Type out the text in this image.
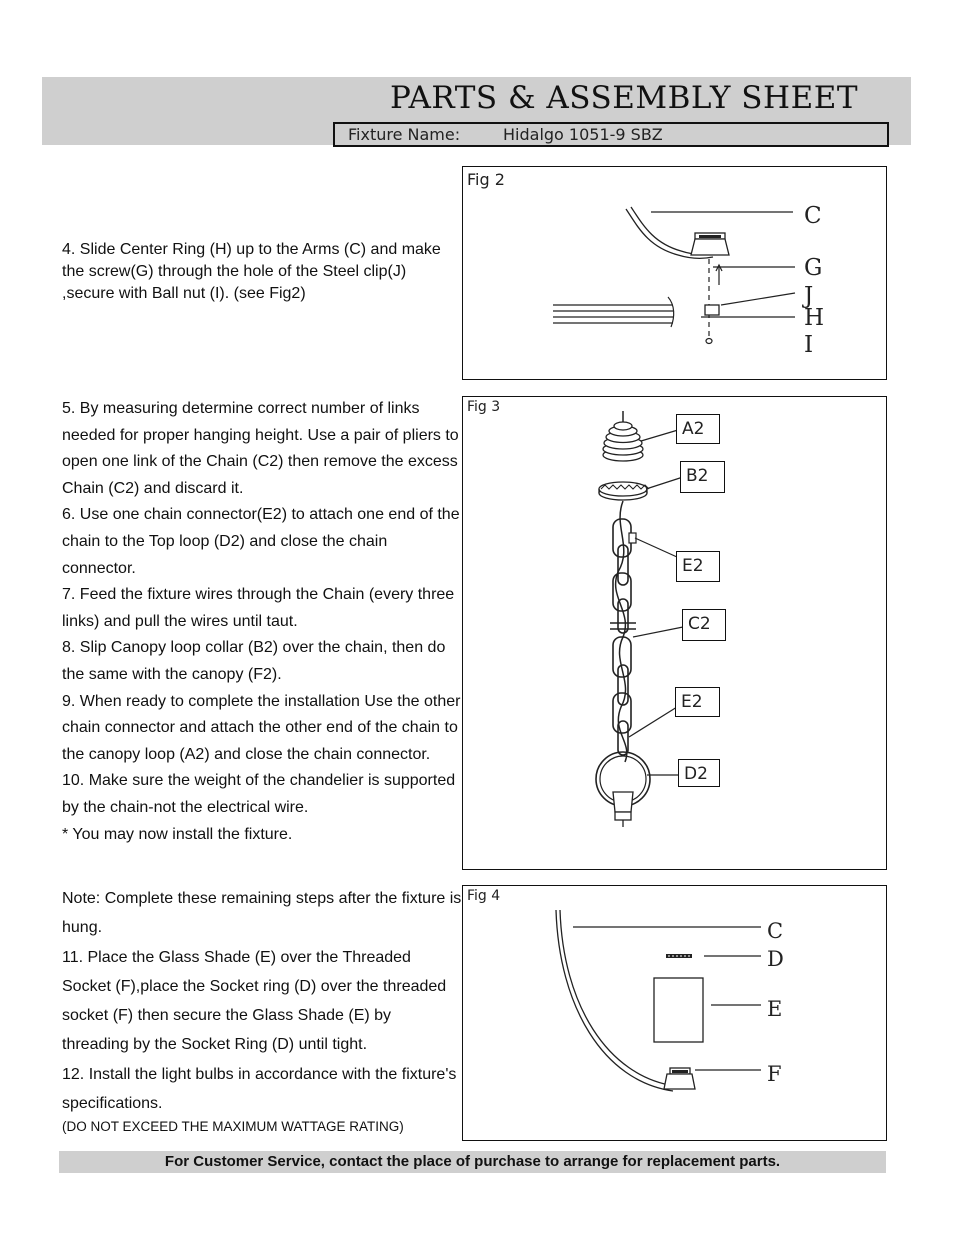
PARTS & ASSEMBLY SHEET
Fixture Name:	Hidalgo 1051-9 SBZ
4. Slide Center Ring (H) up to the Arms (C) and make the screw(G) through the hole of the Steel clip(J) ,secure with Ball nut (I). (see Fig2)
Fig 2
C
G
J
H
I
5. By measuring determine correct number of links needed for proper hanging height. Use a pair of pliers to open one link of the Chain (C2) then remove the excess Chain (C2) and discard it.
6. Use one chain connector(E2) to attach one end of the chain to the Top loop (D2) and close the chain connector.
7. Feed the fixture wires through the Chain (every three links) and pull the wires until taut.
8. Slip Canopy loop collar (B2) over the chain, then do the same with the canopy (F2).
9. When ready to complete the installation Use the other chain connector and attach the other end of the chain to the canopy loop (A2) and close the chain connector.
10. Make sure the weight of the chandelier is supported by the chain-not the electrical wire.
* You may now install the fixture.
Fig 3
A2
B2
E2
C2
E2
D2
Note: Complete these remaining steps after the fixture is hung.
11. Place the Glass Shade (E) over the Threaded Socket (F),place the Socket ring (D) over the threaded socket (F) then secure the Glass Shade (E) by threading by the Socket Ring (D) until tight.
12. Install the light bulbs in accordance with the fixture's specifications.
(DO NOT EXCEED THE MAXIMUM WATTAGE RATING)
Fig 4
C
D
E
F
For Customer Service, contact the place of purchase to arrange for replacement parts.
